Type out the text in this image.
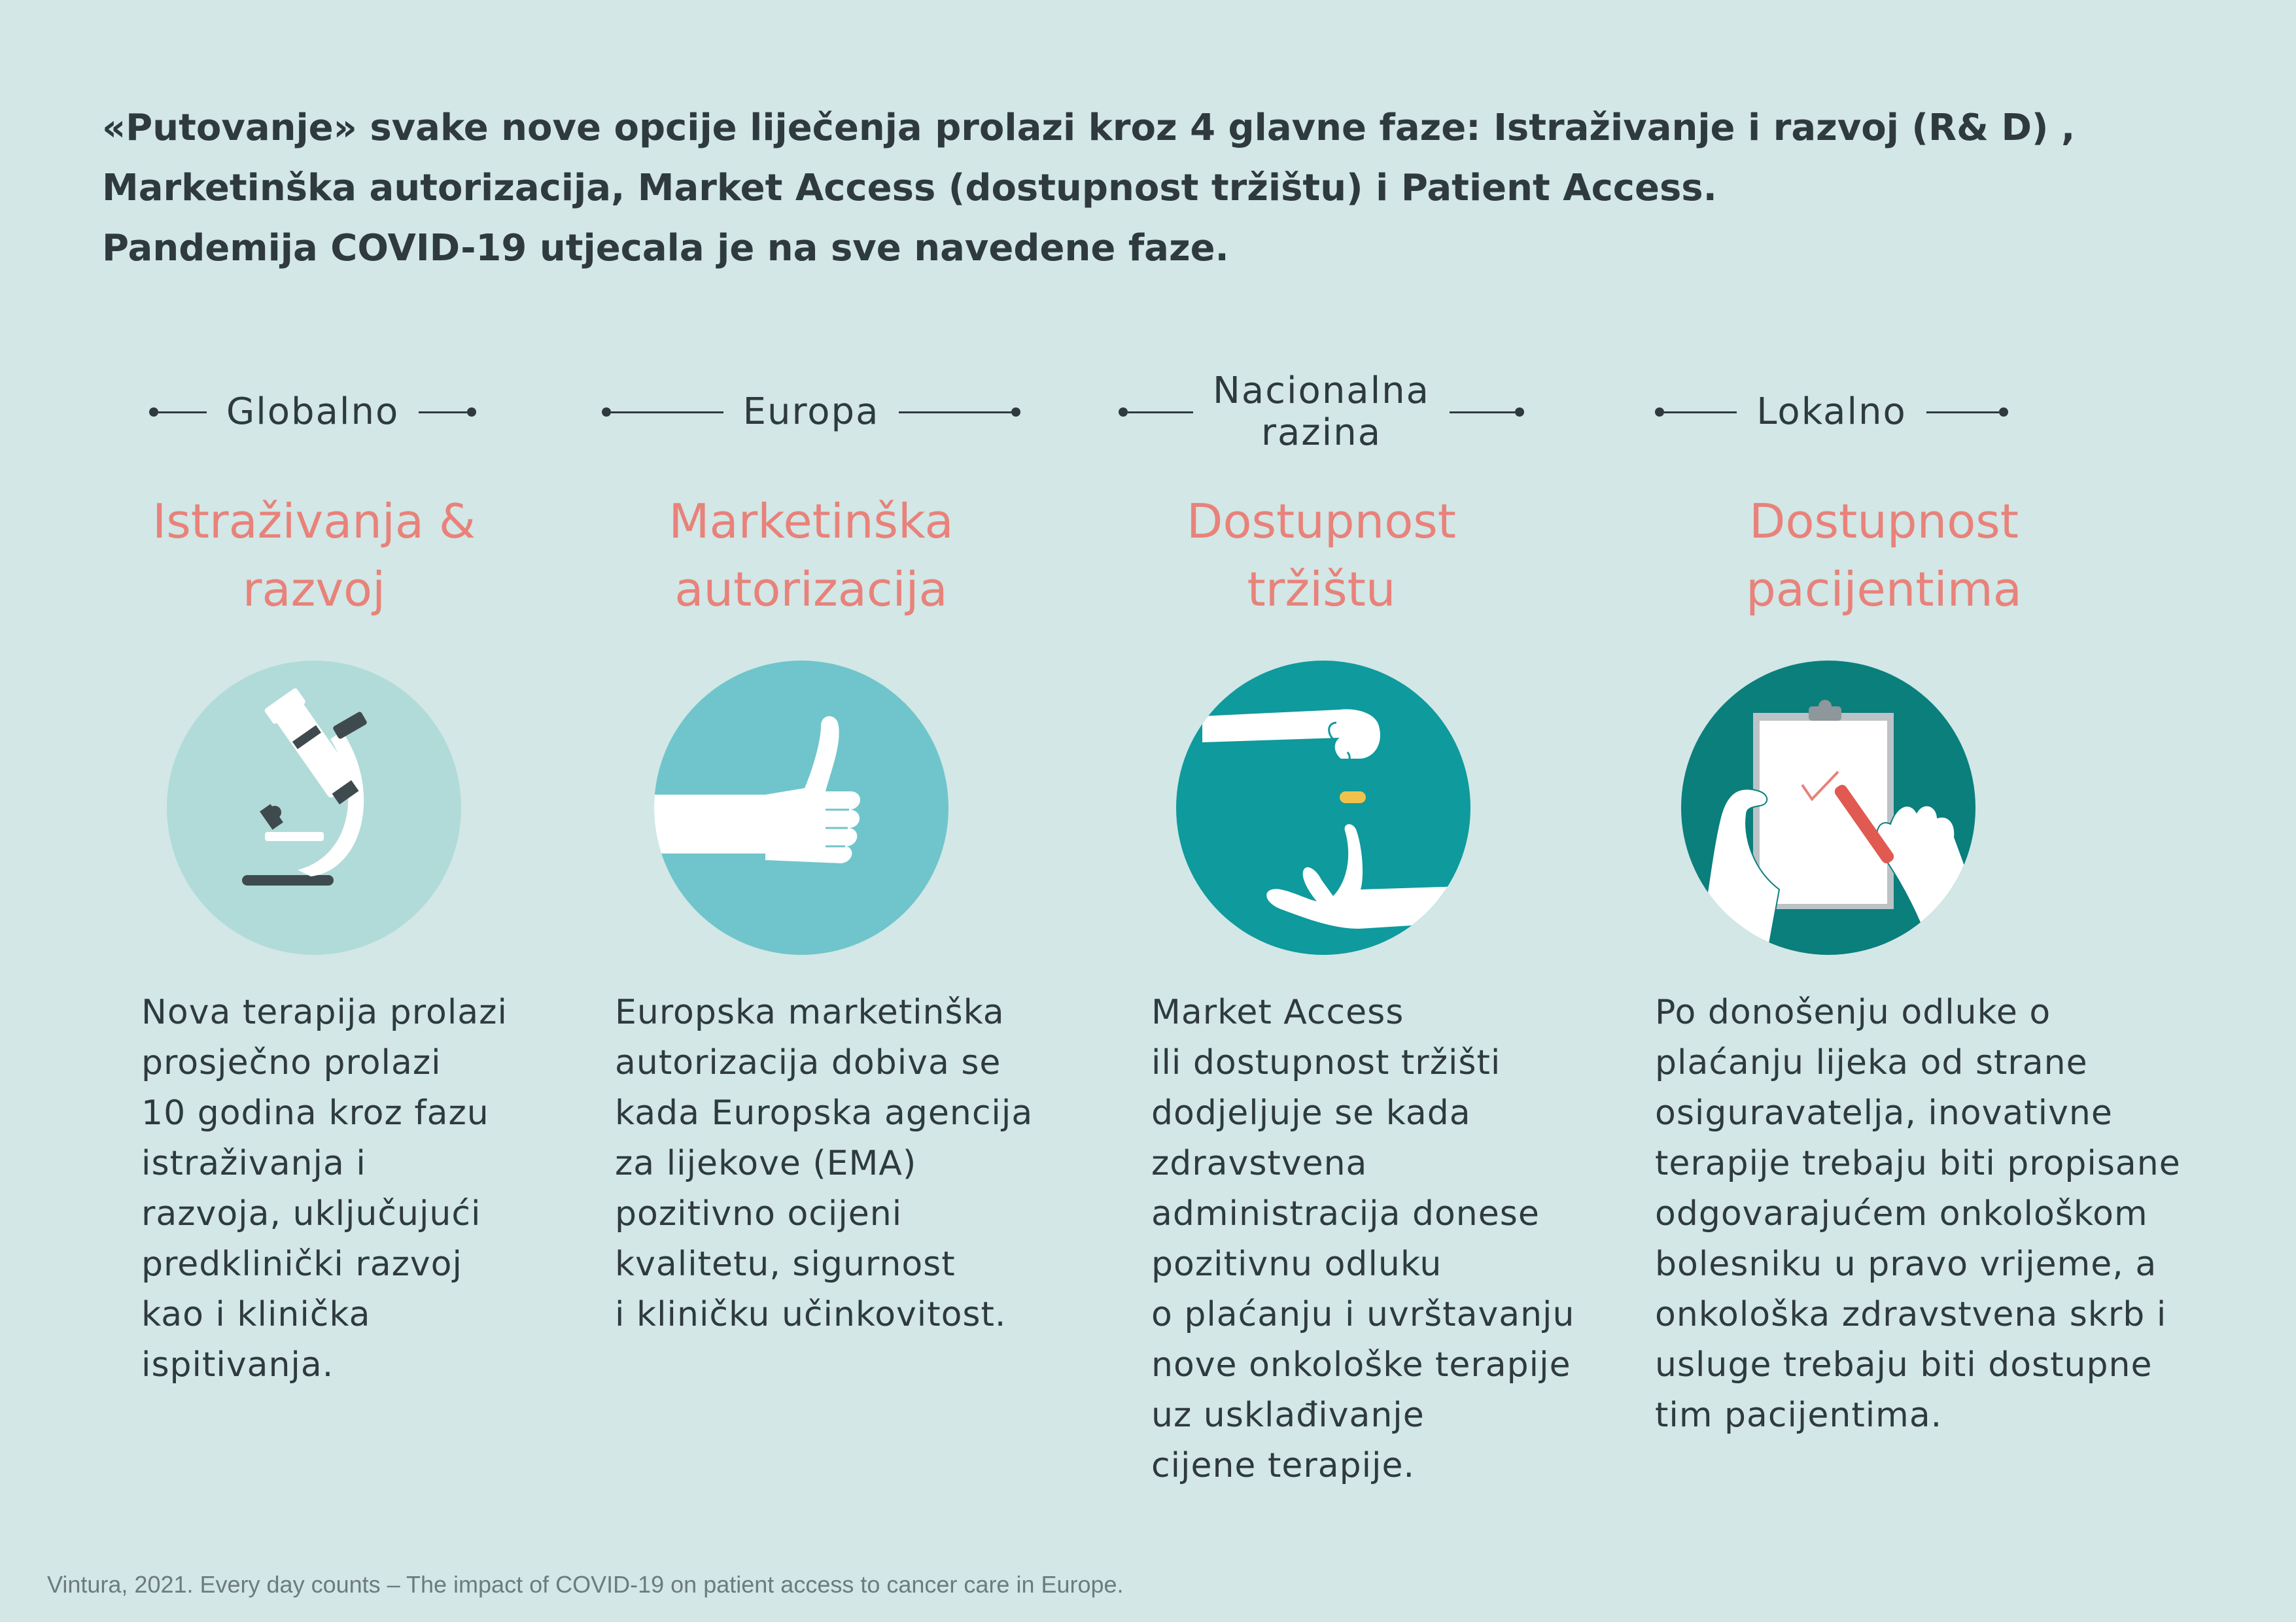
«Putovanje» svake nove opcije liječenja prolazi kroz 4 glavne faze: Istraživanje i razvoj (R& D) ,
Marketinška autorizacija, Market Access (dostupnost tržištu) i Patient Access.
Pandemija COVID-19 utjecala je na sve navedene faze.
Globalno
Istraživanja &
razvoj
Nova terapija prolazi
prosječno prolazi
10 godina kroz fazu
istraživanja i
razvoja, uključujući
predklinički razvoj
kao i klinička
ispitivanja.
Europa
Marketinška
autorizacija
Europska marketinška
autorizacija dobiva se
kada Europska agencija
za lijekove (EMA)
pozitivno ocijeni
kvalitetu, sigurnost
i kliničku učinkovitost.
Nacionalna
razina
Dostupnost
tržištu
Market Access
ili dostupnost tržišti
dodjeljuje se kada
zdravstvena
administracija donese
pozitivnu odluku
o plaćanju i uvrštavanju
nove onkološke terapije
uz usklađivanje
cijene terapije.
Lokalno
Dostupnost
pacijentima
Po donošenju odluke o
plaćanju lijeka od strane
osiguravatelja, inovativne
terapije trebaju biti propisane
odgovarajućem onkološkom
bolesniku u pravo vrijeme, a
onkološka zdravstvena skrb i
usluge trebaju biti dostupne
tim pacijentima.
Vintura, 2021. Every day counts – The impact of COVID-19 on patient access to cancer care in Europe.
